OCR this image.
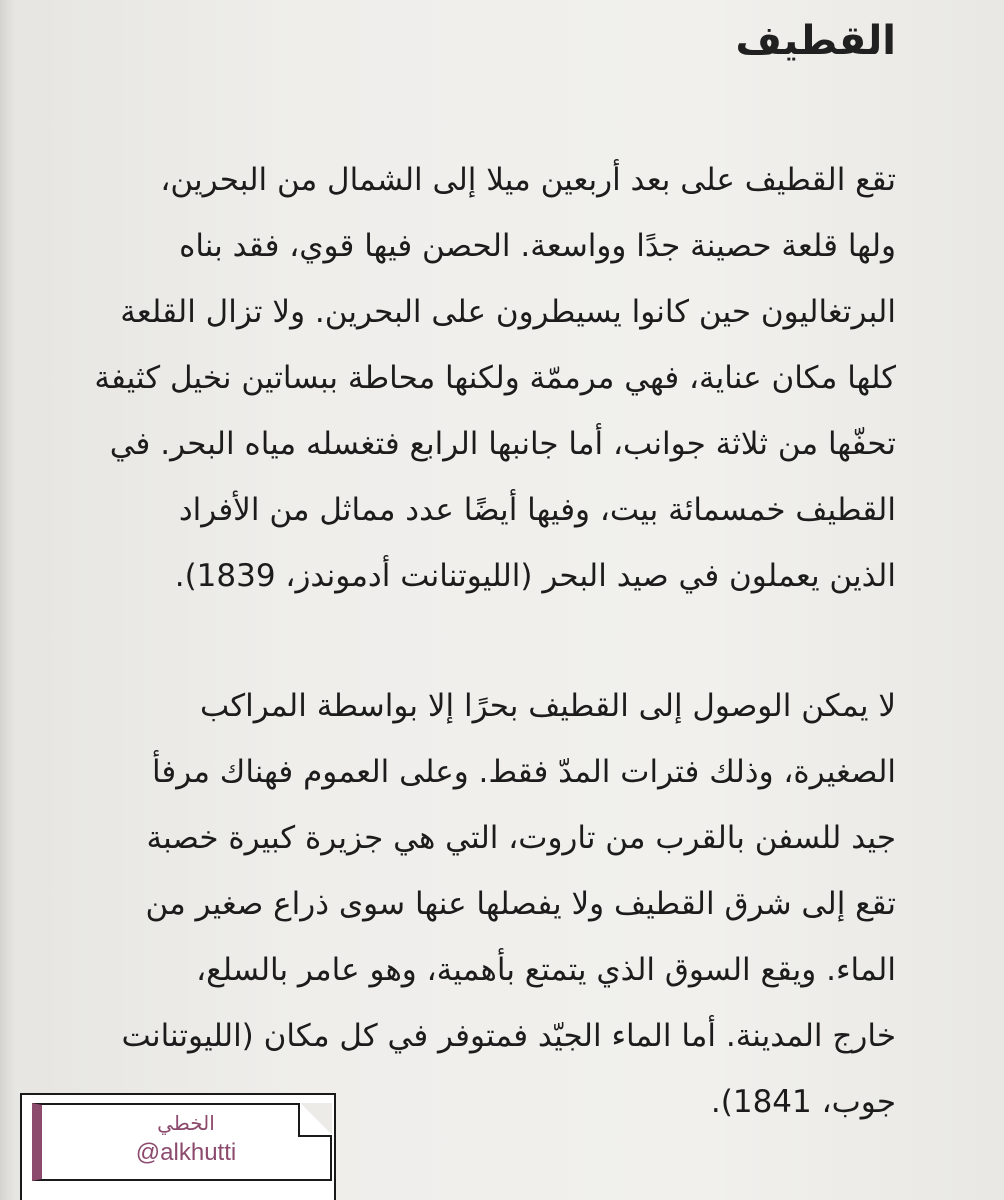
القطيف
تقع القطيف على بعد أربعين ميلا إلى الشمال من البحرين،
ولها قلعة حصينة جدًا وواسعة. الحصن فيها قوي، فقد بناه
البرتغاليون حين كانوا يسيطرون على البحرين. ولا تزال القلعة
كلها مكان عناية، فهي مرممّة ولكنها محاطة ببساتين نخيل كثيفة
تحفّها من ثلاثة جوانب، أما جانبها الرابع فتغسله مياه البحر. في
القطيف خمسمائة بيت، وفيها أيضًا عدد مماثل من الأفراد
الذين يعملون في صيد البحر (الليوتنانت أدموندز، 1839).
لا يمكن الوصول إلى القطيف بحرًا إلا بواسطة المراكب
الصغيرة، وذلك فترات المدّ فقط. وعلى العموم فهناك مرفأ
جيد للسفن بالقرب من تاروت، التي هي جزيرة كبيرة خصبة
تقع إلى شرق القطيف ولا يفصلها عنها سوى ذراع صغير من
الماء. ويقع السوق الذي يتمتع بأهمية، وهو عامر بالسلع،
خارج المدينة. أما الماء الجيّد فمتوفر في كل مكان (الليوتنانت
جوب، 1841).
الخطي
@alkhutti
